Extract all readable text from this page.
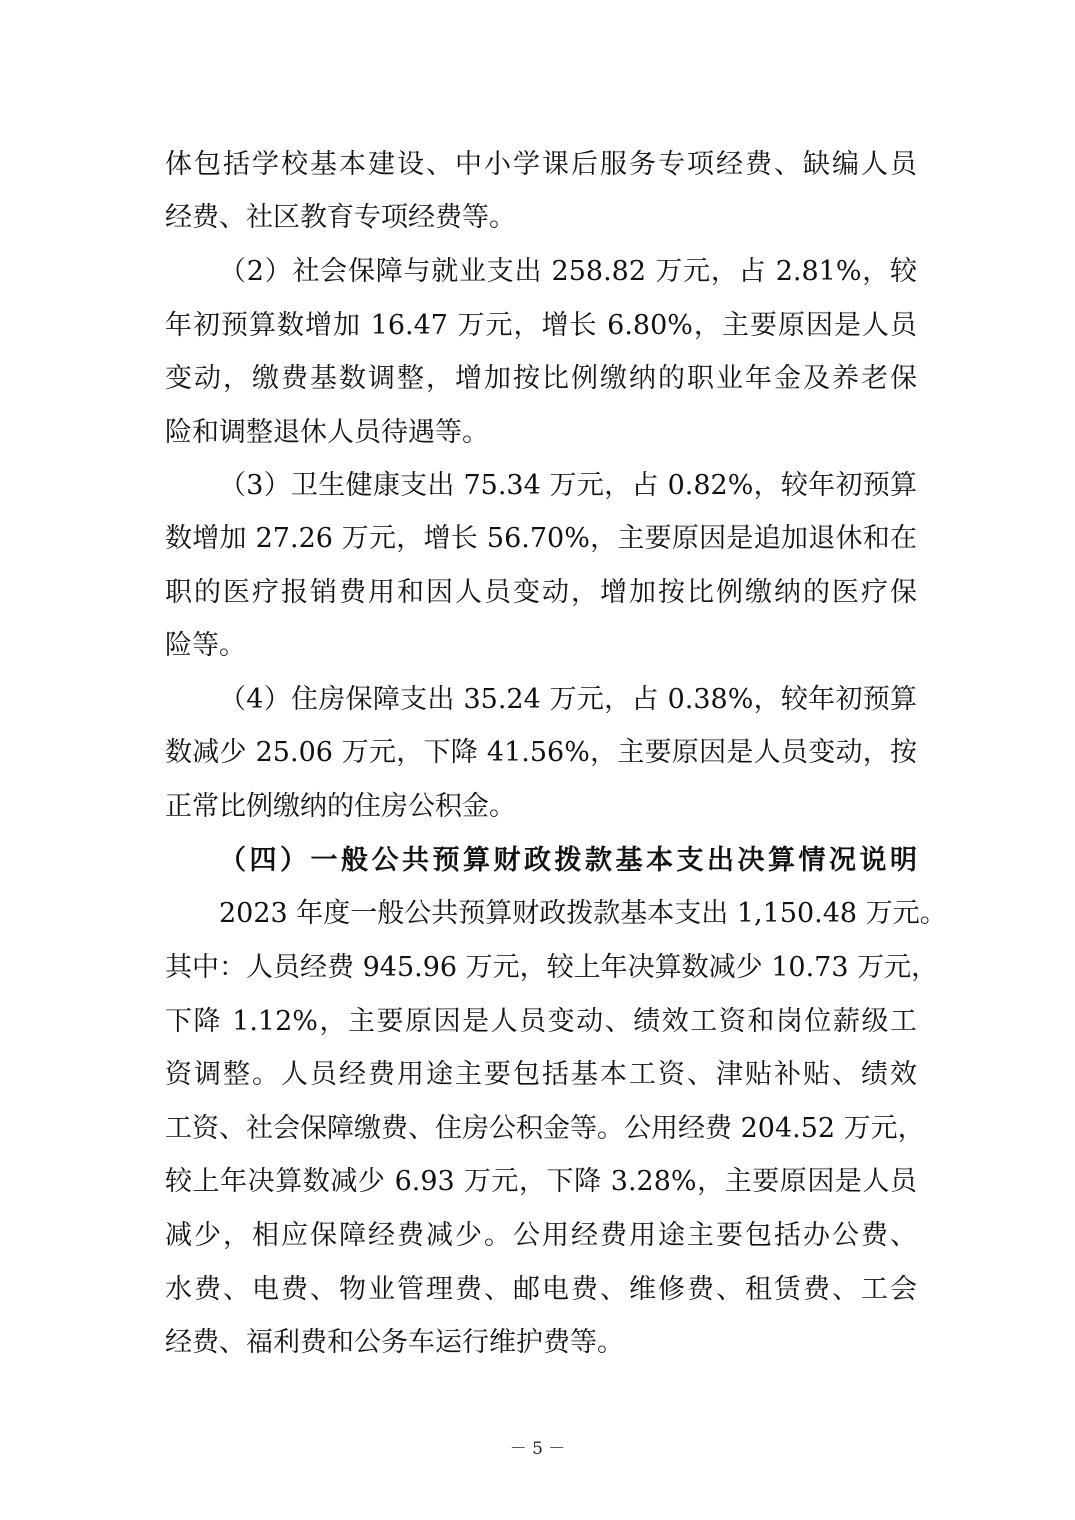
体包括学校基本建设、中小学课后服务专项经费、缺编人员
经费、社区教育专项经费等。
（2）社会保障与就业支出 258.82 万元，占 2.81%，较
年初预算数增加 16.47 万元，增长 6.80%，主要原因是人员
变动，缴费基数调整，增加按比例缴纳的职业年金及养老保
险和调整退休人员待遇等。
（3）卫生健康支出 75.34 万元，占 0.82%，较年初预算
数增加 27.26 万元，增长 56.70%，主要原因是追加退休和在
职的医疗报销费用和因人员变动，增加按比例缴纳的医疗保
险等。
（4）住房保障支出 35.24 万元，占 0.38%，较年初预算
数减少 25.06 万元，下降 41.56%，主要原因是人员变动，按
正常比例缴纳的住房公积金。
（四）一般公共预算财政拨款基本支出决算情况说明
2023 年度一般公共预算财政拨款基本支出 1,150.48 万元。
其中：人员经费 945.96 万元，较上年决算数减少 10.73 万元，
下降 1.12%，主要原因是人员变动、绩效工资和岗位薪级工
资调整。人员经费用途主要包括基本工资、津贴补贴、绩效
工资、社会保障缴费、住房公积金等。公用经费 204.52 万元，
较上年决算数减少 6.93 万元，下降 3.28%，主要原因是人员
减少，相应保障经费减少。公用经费用途主要包括办公费、
水费、电费、物业管理费、邮电费、维修费、租赁费、工会
经费、福利费和公务车运行维护费等。
－ 5 －
